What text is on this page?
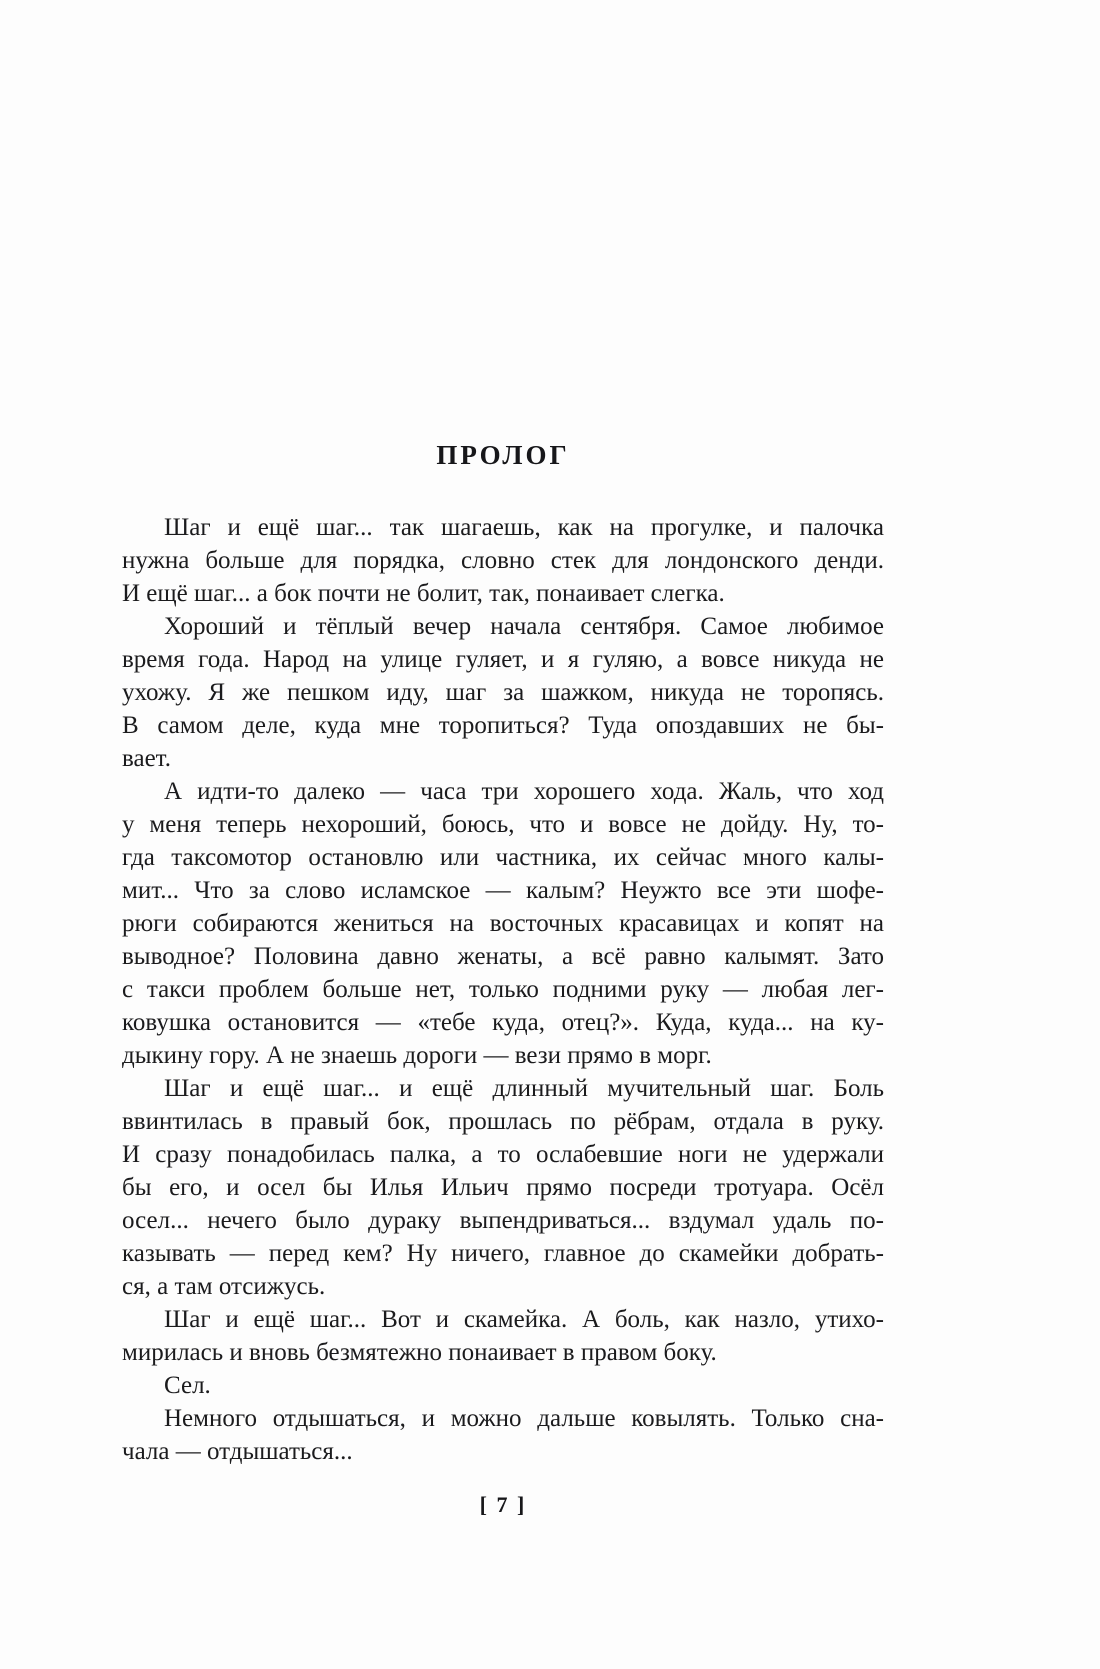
ПРОЛОГ
Шаг и ещё шаг... так шагаешь, как на прогулке, и палочка
нужна больше для порядка, словно стек для лондонского денди.
И ещё шаг... а бок почти не болит, так, понаивает слегка.
Хороший и тёплый вечер начала сентября. Самое любимое
время года. Народ на улице гуляет, и я гуляю, а вовсе никуда не
ухожу. Я же пешком иду, шаг за шажком, никуда не торопясь.
В самом деле, куда мне торопиться? Туда опоздавших не бы-
вает.
А идти-то далеко — часа три хорошего хода. Жаль, что ход
у меня теперь нехороший, боюсь, что и вовсе не дойду. Ну, то-
гда таксомотор остановлю или частника, их сейчас много калы-
мит... Что за слово исламское — калым? Неужто все эти шофе-
рюги собираются жениться на восточных красавицах и копят на
выводное? Половина давно женаты, а всё равно калымят. Зато
с такси проблем больше нет, только подними руку — любая лег-
ковушка остановится — «тебе куда, отец?». Куда, куда... на ку-
дыкину гору. А не знаешь дороги — вези прямо в морг.
Шаг и ещё шаг... и ещё длинный мучительный шаг. Боль
ввинтилась в правый бок, прошлась по рёбрам, отдала в руку.
И сразу понадобилась палка, а то ослабевшие ноги не удержали
бы его, и осел бы Илья Ильич прямо посреди тротуара. Осёл
осел... нечего было дураку выпендриваться... вздумал удаль по-
казывать — перед кем? Ну ничего, главное до скамейки добрать-
ся, а там отсижусь.
Шаг и ещё шаг... Вот и скамейка. А боль, как назло, утихо-
мирилась и вновь безмятежно понаивает в правом боку.
Сел.
Немного отдышаться, и можно дальше ковылять. Только сна-
чала — отдышаться...
[ 7 ]
